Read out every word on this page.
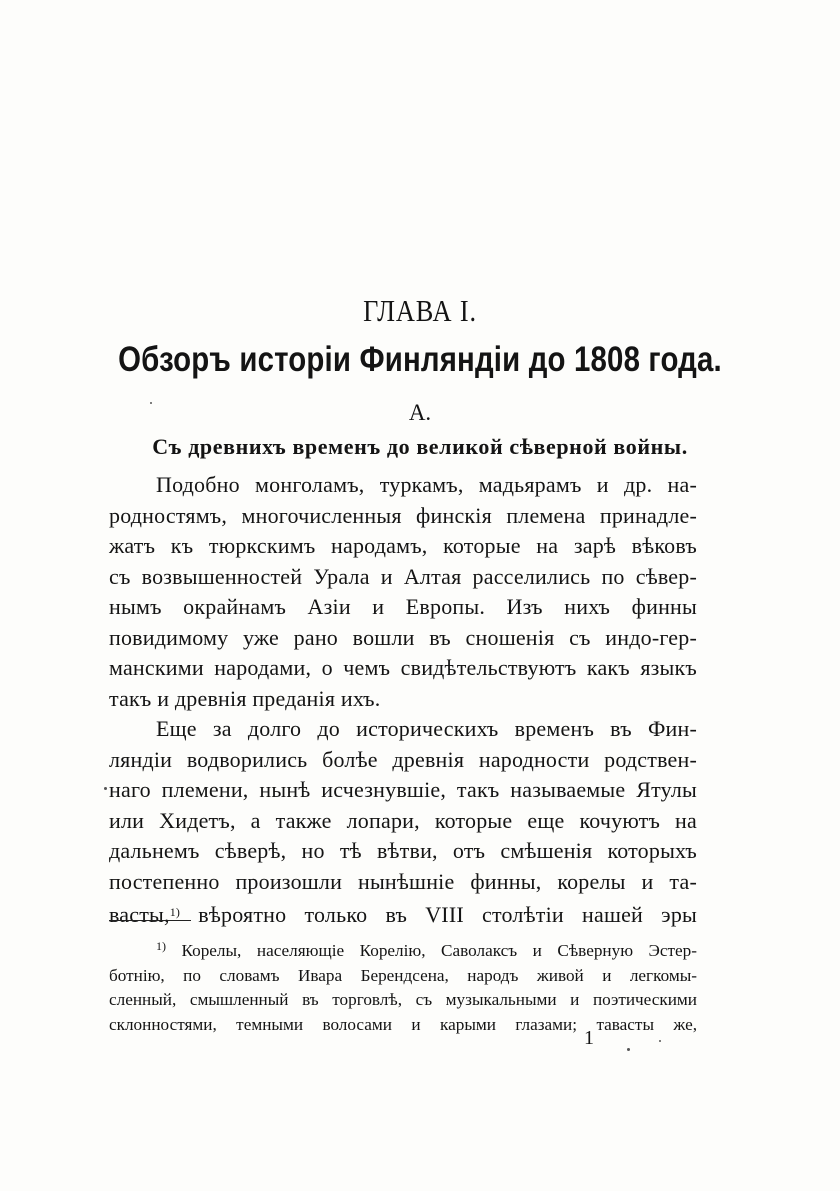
ГЛАВА I.
Обзоръ исторіи Финляндіи до 1808 года.
А.
Съ древнихъ временъ до великой сѣверной войны.
Подобно монголамъ, туркамъ, мадьярамъ и др. на-
родностямъ, многочисленныя финскія племена принадле-
жатъ къ тюркскимъ народамъ, которые на зарѣ вѣковъ
съ возвышенностей Урала и Алтая расселились по сѣвер-
нымъ окрайнамъ Азіи и Европы. Изъ нихъ финны
повидимому уже рано вошли въ сношенія съ индо-гер-
манскими народами, о чемъ свидѣтельствуютъ какъ языкъ
такъ и древнія преданія ихъ.
Еще за долго до историческихъ временъ въ Фин-
ляндіи водворились болѣе древнія народности родствен-
наго племени, нынѣ исчезнувшіе, такъ называемые Ятулы
или Хидетъ, а также лопари, которые еще кочуютъ на
дальнемъ сѣверѣ, но тѣ вѣтви, отъ смѣшенія которыхъ
постепенно произошли нынѣшніе финны, корелы и та-
васты,$^{1)}$ вѣроятно только въ VIII столѣтіи нашей эры
$^{1)}$ Корелы, населяющіе Корелію, Саволаксъ и Сѣверную Эстер-
ботнію, по словамъ Ивара Берендсена, народъ живой и легкомы-
сленный, смышленный въ торговлѣ, съ музыкальными и поэтическими
склонностями, темными волосами и карыми глазами; тавасты же,
1
